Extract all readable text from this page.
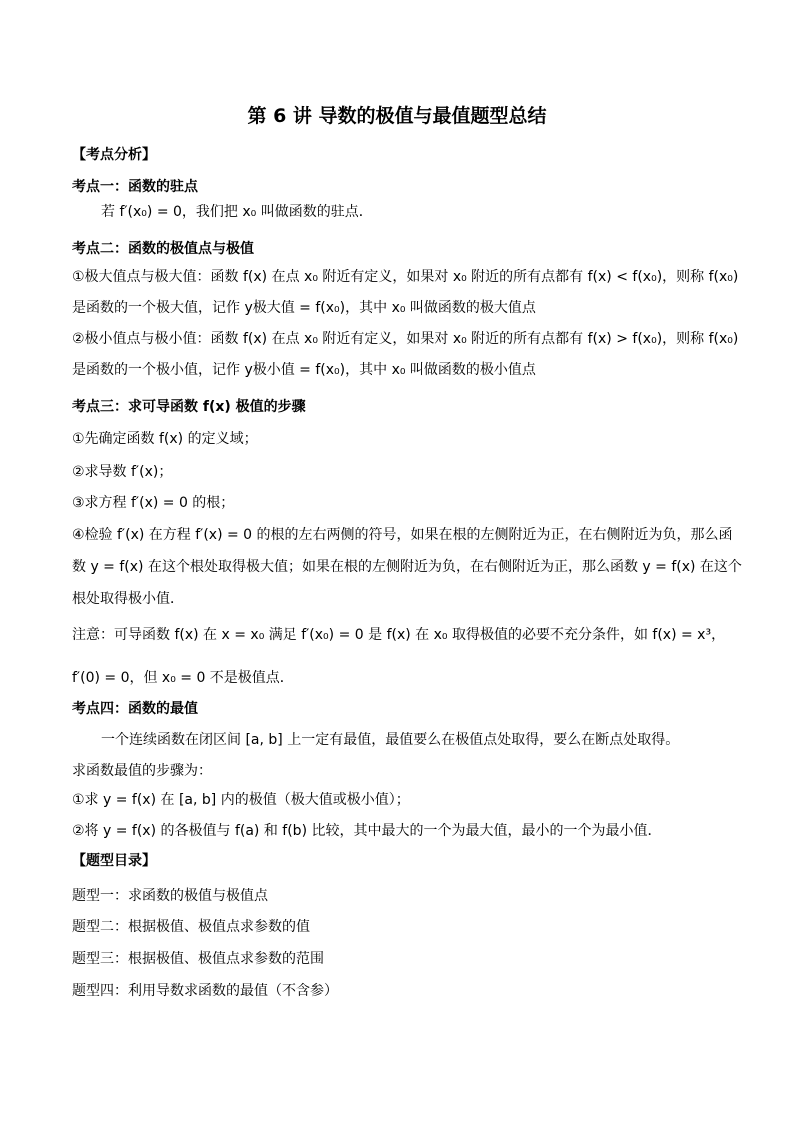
第 6 讲 导数的极值与最值题型总结
【考点分析】
考点一：函数的驻点
若 f′(x₀) = 0，我们把 x₀ 叫做函数的驻点．
考点二：函数的极值点与极值
①极大值点与极大值：函数 f(x) 在点 x₀ 附近有定义，如果对 x₀ 附近的所有点都有 f(x) < f(x₀)，则称 f(x₀)
是函数的一个极大值，记作 y极大值 = f(x₀)，其中 x₀ 叫做函数的极大值点
②极小值点与极小值：函数 f(x) 在点 x₀ 附近有定义，如果对 x₀ 附近的所有点都有 f(x) > f(x₀)，则称 f(x₀)
是函数的一个极小值，记作 y极小值 = f(x₀)，其中 x₀ 叫做函数的极小值点
考点三：求可导函数 f(x) 极值的步骤
①先确定函数 f(x) 的定义域；
②求导数 f′(x)；
③求方程 f′(x) = 0 的根；
④检验 f′(x) 在方程 f′(x) = 0 的根的左右两侧的符号，如果在根的左侧附近为正，在右侧附近为负，那么函
数 y = f(x) 在这个根处取得极大值；如果在根的左侧附近为负，在右侧附近为正，那么函数 y = f(x) 在这个
根处取得极小值．
注意：可导函数 f(x) 在 x = x₀ 满足 f′(x₀) = 0 是 f(x) 在 x₀ 取得极值的必要不充分条件，如 f(x) = x³，
f′(0) = 0，但 x₀ = 0 不是极值点．
考点四：函数的最值
一个连续函数在闭区间 [a, b] 上一定有最值，最值要么在极值点处取得，要么在断点处取得。
求函数最值的步骤为：
①求 y = f(x) 在 [a, b] 内的极值（极大值或极小值）；
②将 y = f(x) 的各极值与 f(a) 和 f(b) 比较，其中最大的一个为最大值，最小的一个为最小值．
【题型目录】
题型一：求函数的极值与极值点
题型二：根据极值、极值点求参数的值
题型三：根据极值、极值点求参数的范围
题型四：利用导数求函数的最值（不含参）
